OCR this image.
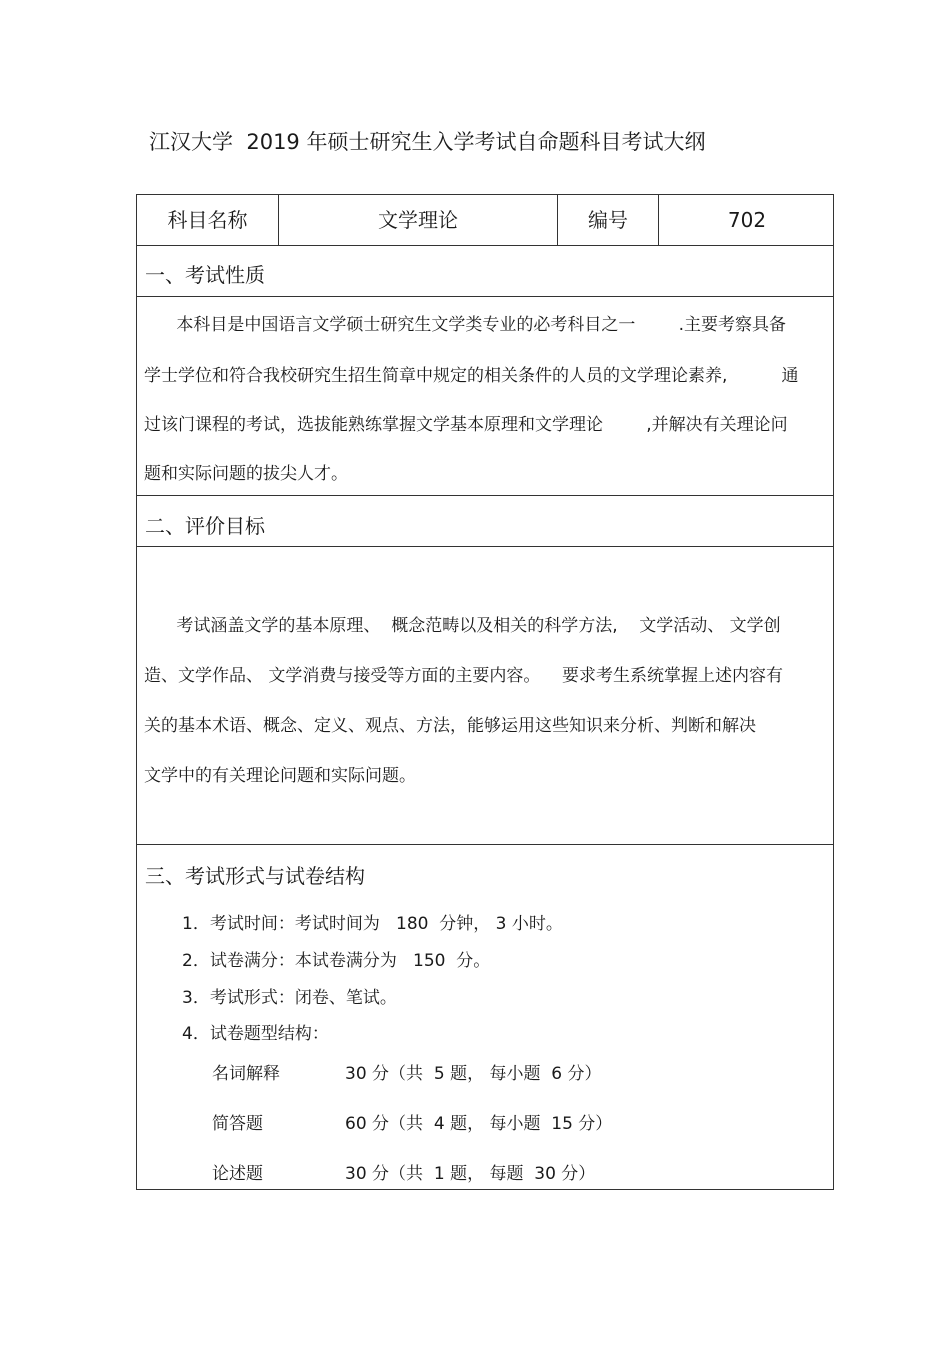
江汉大学  2019 年硕士研究生入学考试自命题科目考试大纲
科目名称	文学理论	编号	702
一、考试性质
本科目是中国语言文学硕士研究生文学类专业的必考科目之一        .主要考察具备
学士学位和符合我校研究生招生简章中规定的相关条件的人员的文学理论素养,          通
过该门课程的考试，选拔能熟练掌握文学基本原理和文学理论        ,并解决有关理论问
题和实际问题的拔尖人才。
二、评价目标
考试涵盖文学的基本原理、  概念范畴以及相关的科学方法,    文学活动、 文学创
造、文学作品、 文学消费与接受等方面的主要内容。    要求考生系统掌握上述内容有
关的基本术语、概念、定义、观点、方法，能够运用这些知识来分析、判断和解决
文学中的有关理论问题和实际问题。
三、考试形式与试卷结构
1．考试时间：考试时间为   180  分钟， 3 小时。
2．试卷满分：本试卷满分为   150  分。
3．考试形式：闭卷、笔试。
4．试卷题型结构：
名词解释	30 分（共  5 题， 每小题  6 分）
简答题	60 分（共  4 题， 每小题  15 分）
论述题	30 分（共  1 题， 每题  30 分）
